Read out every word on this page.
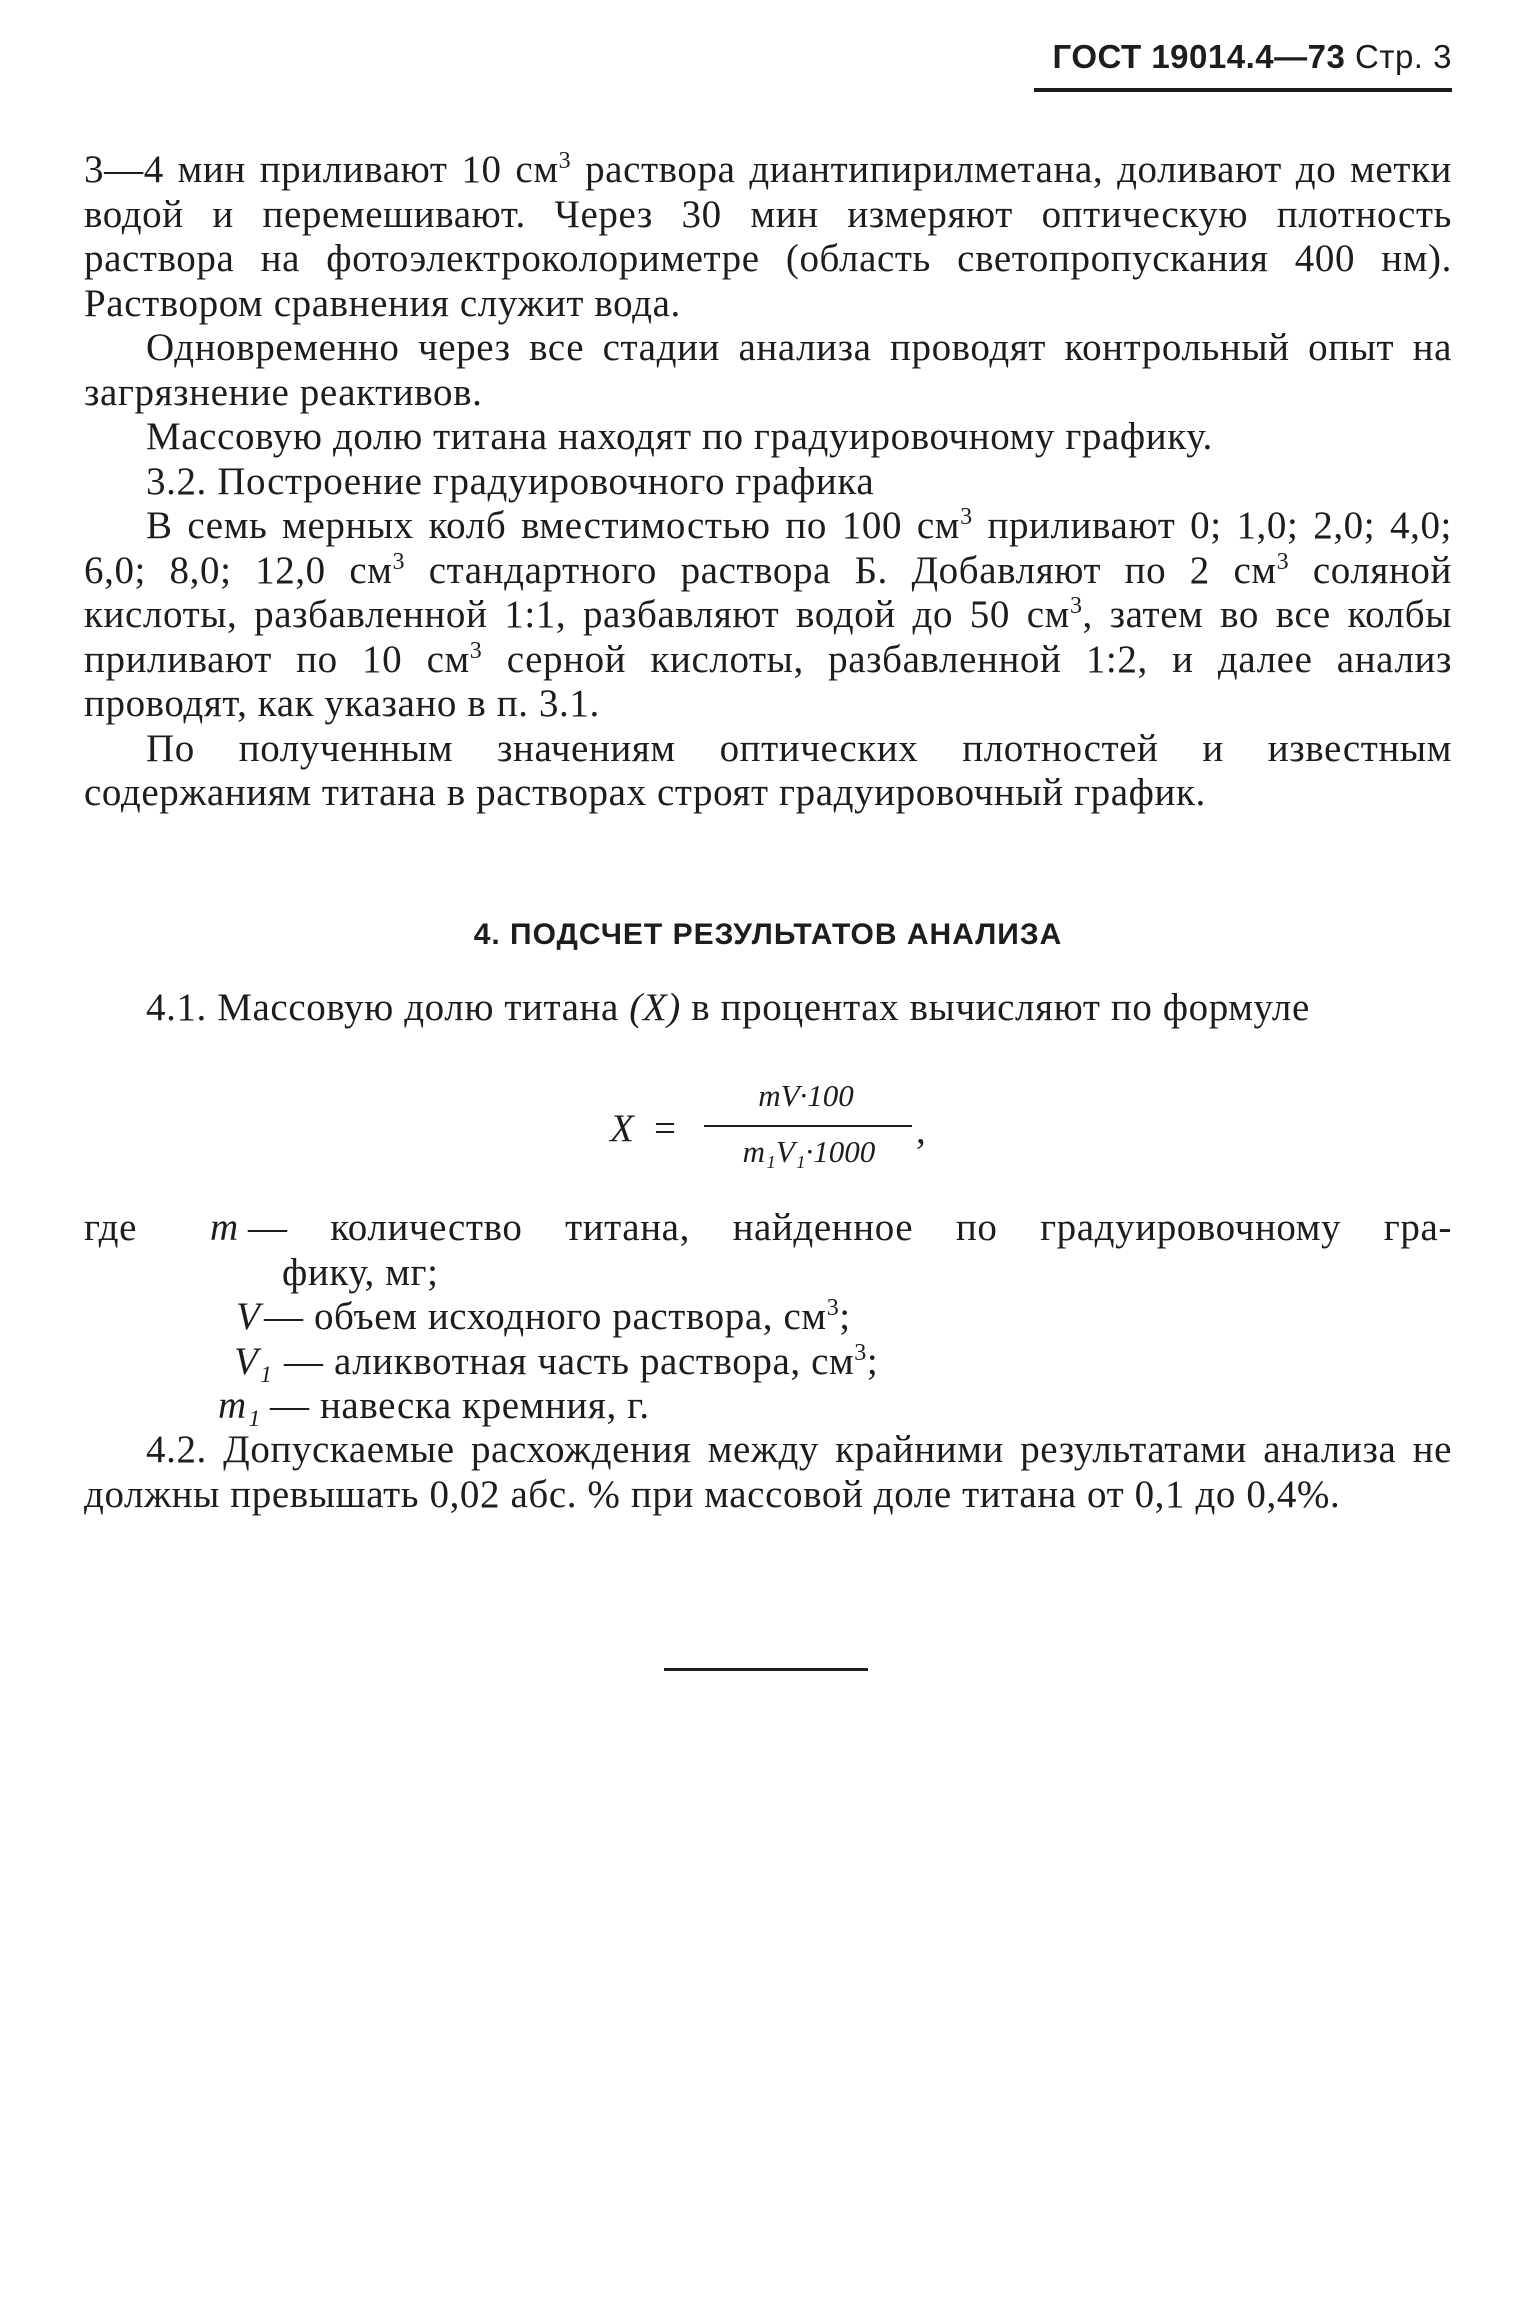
ГОСТ 19014.4—73 Стр. 3

3—4 мин приливают 10 $см^3$ раствора диантипирилметана, доливают до метки водой и перемешивают. Через 30 мин измеряют оптическую плотность раствора на фотоэлектроколориметре (область светопропускания 400 нм). Раствором сравнения служит вода.

Одновременно через все стадии анализа проводят контрольный опыт на загрязнение реактивов.

Массовую долю титана находят по градуировочному графику.

3.2. Построение градуировочного графика

В семь мерных колб вместимостью по 100 $см^3$ приливают 0; 1,0; 2,0; 4,0; 6,0; 8,0; 12,0 $см^3$ стандартного раствора Б. Добавляют по 2 $см^3$ соляной кислоты, разбавленной 1:1, разбавляют водой до 50 $см^3$, затем во все колбы приливают по 10 $см^3$ серной кислоты, разбавленной 1:2, и далее анализ проводят, как указано в п. 3.1.

По полученным значениям оптических плотностей и известным содержаниям титана в растворах строят градуировочный график.

4. ПОДСЧЕТ РЕЗУЛЬТАТОВ АНАЛИЗА

4.1. Массовую долю титана (X) в процентах вычисляют по формуле

X =
mV·100
m₁V₁·1000	,
где m — количество титана, найденное по градуировочному гра-
фику, мг;
V — объем исходного раствора, $см^3$;
V₁ — аликвотная часть раствора, $см^3$;
m₁ — навеска кремния, г.

4.2. Допускаемые расхождения между крайними результатами анализа не должны превышать 0,02 абс. % при массовой доле титана от 0,1 до 0,4%.
